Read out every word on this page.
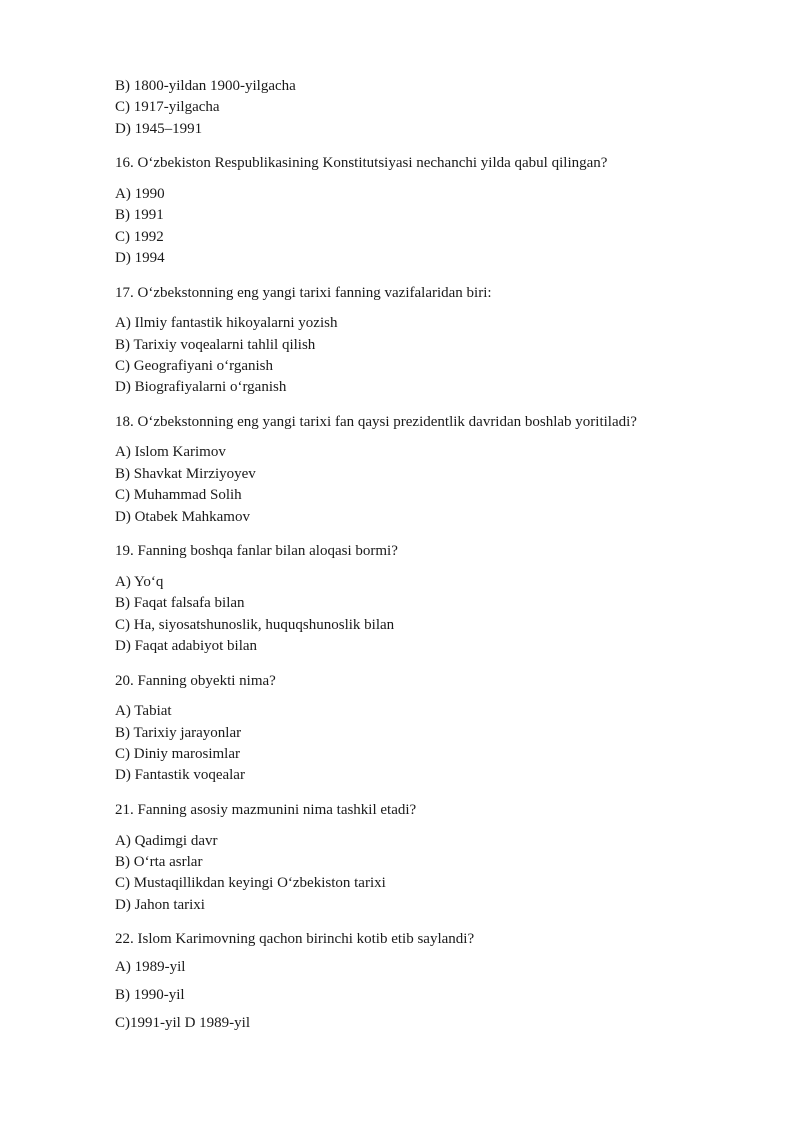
B) 1800-yildan 1900-yilgacha
C) 1917-yilgacha
D) 1945–1991
16. O‘zbekiston Respublikasining Konstitutsiyasi nechanchi yilda qabul qilingan?
A) 1990
B) 1991
C) 1992
D) 1994
17. O‘zbekstonning eng yangi tarixi fanning vazifalaridan biri:
A) Ilmiy fantastik hikoyalarni yozish
B) Tarixiy voqealarni tahlil qilish
C) Geografiyani o‘rganish
D) Biografiyalarni o‘rganish
18. O‘zbekstonning eng yangi tarixi fan qaysi prezidentlik davridan boshlab yoritiladi?
A) Islom Karimov
B) Shavkat Mirziyoyev
C) Muhammad Solih
D) Otabek Mahkamov
19. Fanning boshqa fanlar bilan aloqasi bormi?
A) Yo‘q
B) Faqat falsafa bilan
C) Ha, siyosatshunoslik, huquqshunoslik bilan
D) Faqat adabiyot bilan
20. Fanning obyekti nima?
A) Tabiat
B) Tarixiy jarayonlar
C) Diniy marosimlar
D) Fantastik voqealar
21. Fanning asosiy mazmunini nima tashkil etadi?
A) Qadimgi davr
B) O‘rta asrlar
C) Mustaqillikdan keyingi O‘zbekiston tarixi
D) Jahon tarixi
22. Islom Karimovning qachon birinchi kotib etib saylandi?
A) 1989-yil
B) 1990-yil
C)1991-yil D 1989-yil
